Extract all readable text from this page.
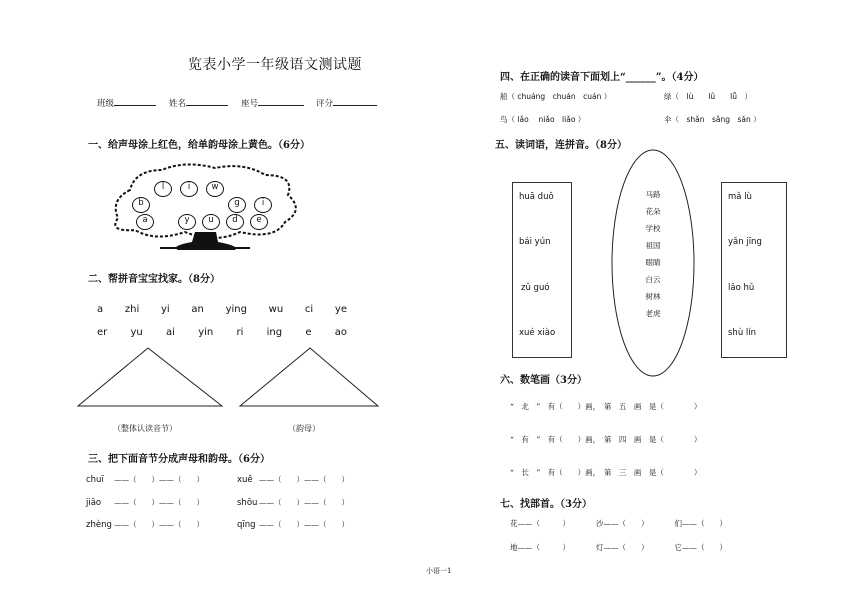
览表小学一年级语文测试题
班级	姓名	座号	评分
一、给声母涂上红色，给单韵母涂上黄色。（6分）
l	i	w
b	g	i
a	y	u	d	e
二、帮拼音宝宝找家。（8分）
a zhi yi an ying wu ci ye
er yu ai yin ri ing e ao
（整体认读音节）	（韵母）
三、把下面音节分成声母和韵母。（6分）
chuī ——（　　）——（　　）	xuě ——（　　）——（　　）
jiāo ——（　　）——（　　）	shōu ——（　　）——（　　）
zhèng ——（　　）——（　　）	qīng ——（　　）——（　　）
四、在正确的读音下面划上“______”。（4分）
船（ chuáng　chuán　cuán ）	绿（　lù　　lǜ　　lǖ　）
鸟（ lǎo　 niǎo　liǎo ）	伞（　shǎn　sǎng　sǎn ）
五、读词语，连拼音。（8分）
huā duǒ
bái yún
zǔ guó
xué xiào
马路
花朵
学校
祖国
眼睛
白云
树林
老虎
mǎ lù
yǎn jīng
lǎo hǔ
shù lín
六、数笔画（3分）
“　北　”　有（　　）画，　第　五　画　是（　　　　）
“　有　”　有（　　）画，　第　四　画　是（　　　　）
“　长　”　有（　　）画，　第　三　画　是（　　　　）
七、找部首。（3分）
花——（　　　）	沙——（　　）	们——（　　）
地——（　　　）	灯——（　　）	它——（　　）
小语一1
